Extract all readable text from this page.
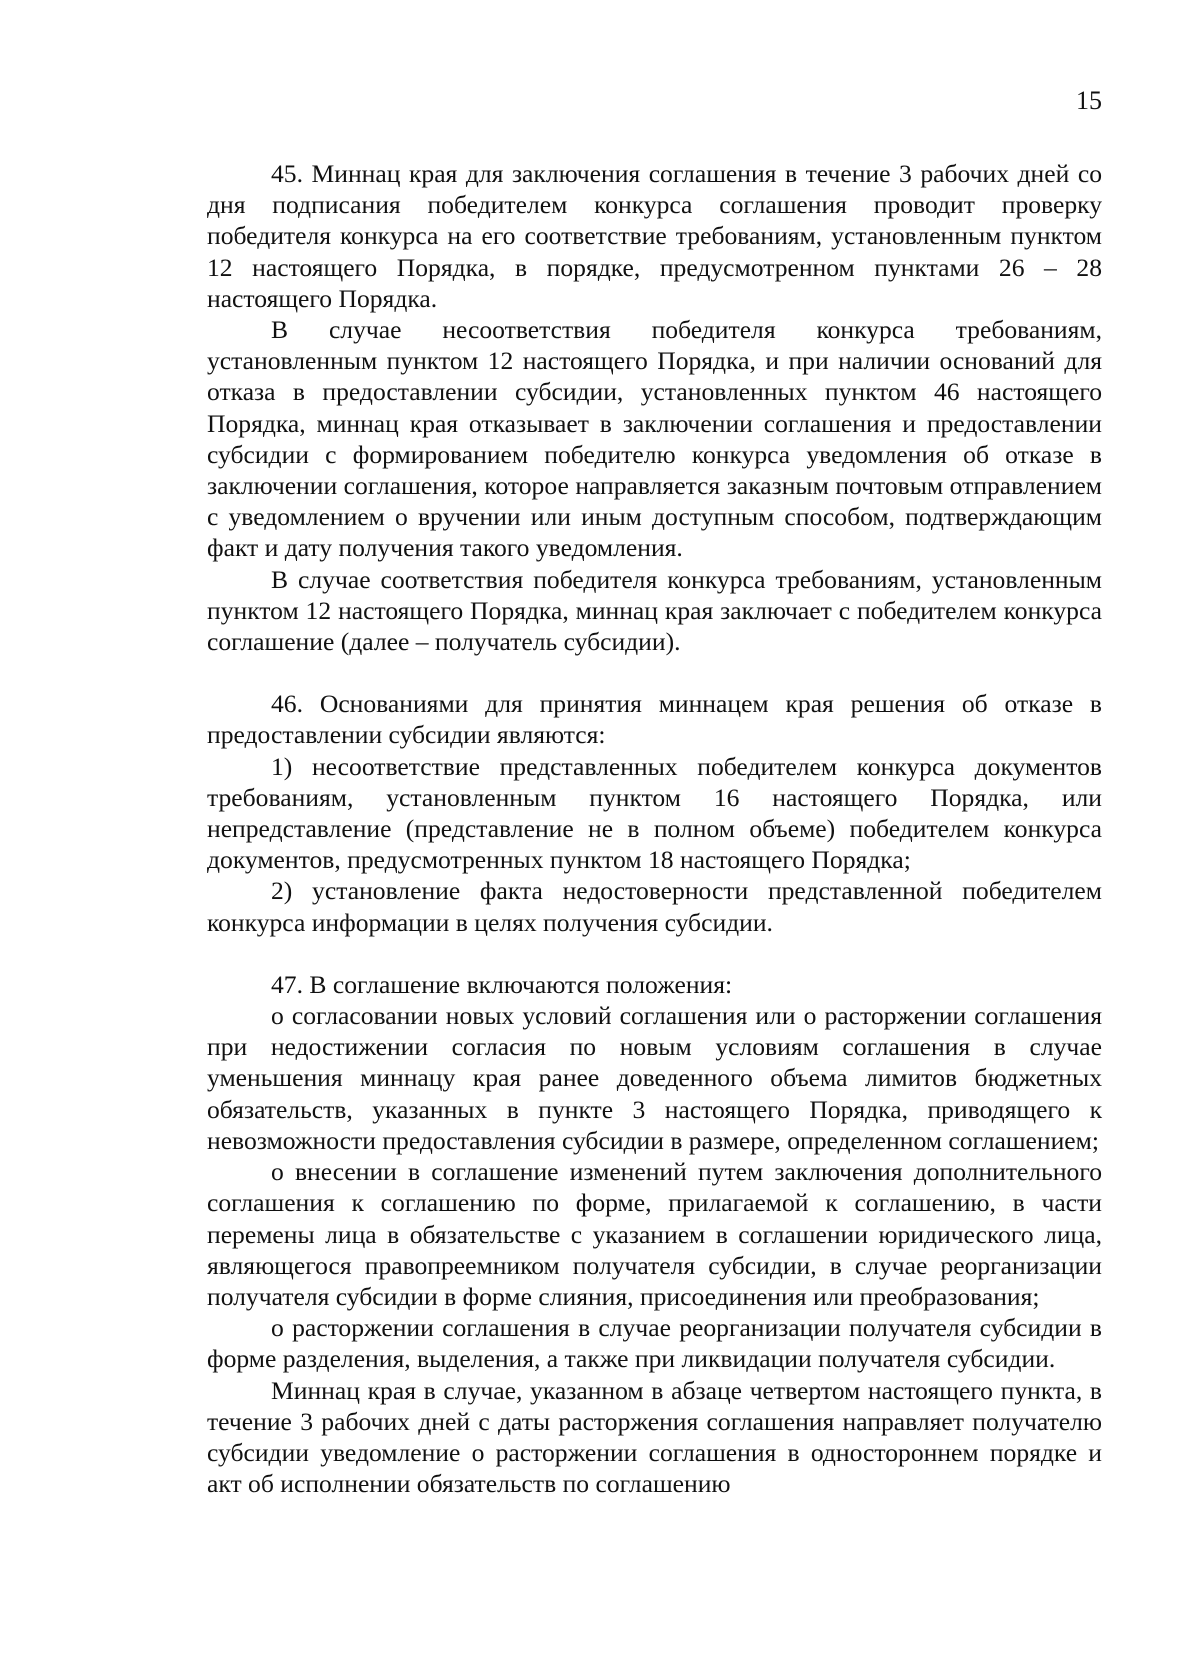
15

45. Миннац края для заключения соглашения в течение 3 рабочих дней со дня подписания победителем конкурса соглашения проводит проверку победителя конкурса на его соответствие требованиям, установленным пунктом 12 настоящего Порядка, в порядке, предусмотренном пунктами 26 – 28 настоящего Порядка.

В случае несоответствия победителя конкурса требованиям, установленным пунктом 12 настоящего Порядка, и при наличии оснований для отказа в предоставлении субсидии, установленных пунктом 46 настоящего Порядка, миннац края отказывает в заключении соглашения и предоставлении субсидии с формированием победителю конкурса уведомления об отказе в заключении соглашения, которое направляется заказным почтовым отправлением с уведомлением о вручении или иным доступным способом, подтверждающим факт и дату получения такого уведомления.

В случае соответствия победителя конкурса требованиям, установленным пунктом 12 настоящего Порядка, миннац края заключает с победителем конкурса соглашение (далее – получатель субсидии).

46. Основаниями для принятия миннацем края решения об отказе в предоставлении субсидии являются:

1) несоответствие представленных победителем конкурса документов требованиям, установленным пунктом 16 настоящего Порядка, или непредставление (представление не в полном объеме) победителем конкурса документов, предусмотренных пунктом 18 настоящего Порядка;

2) установление факта недостоверности представленной победителем конкурса информации в целях получения субсидии.

47. В соглашение включаются положения:

о согласовании новых условий соглашения или о расторжении соглашения при недостижении согласия по новым условиям соглашения в случае уменьшения миннацу края ранее доведенного объема лимитов бюджетных обязательств, указанных в пункте 3 настоящего Порядка, приводящего к невозможности предоставления субсидии в размере, определенном соглашением;

о внесении в соглашение изменений путем заключения дополнительного соглашения к соглашению по форме, прилагаемой к соглашению, в части перемены лица в обязательстве с указанием в соглашении юридического лица, являющегося правопреемником получателя субсидии, в случае реорганизации получателя субсидии в форме слияния, присоединения или преобразования;

о расторжении соглашения в случае реорганизации получателя субсидии в форме разделения, выделения, а также при ликвидации получателя субсидии.

Миннац края в случае, указанном в абзаце четвертом настоящего пункта, в течение 3 рабочих дней с даты расторжения соглашения направляет получателю субсидии уведомление о расторжении соглашения в одностороннем порядке и акт об исполнении обязательств по соглашению
